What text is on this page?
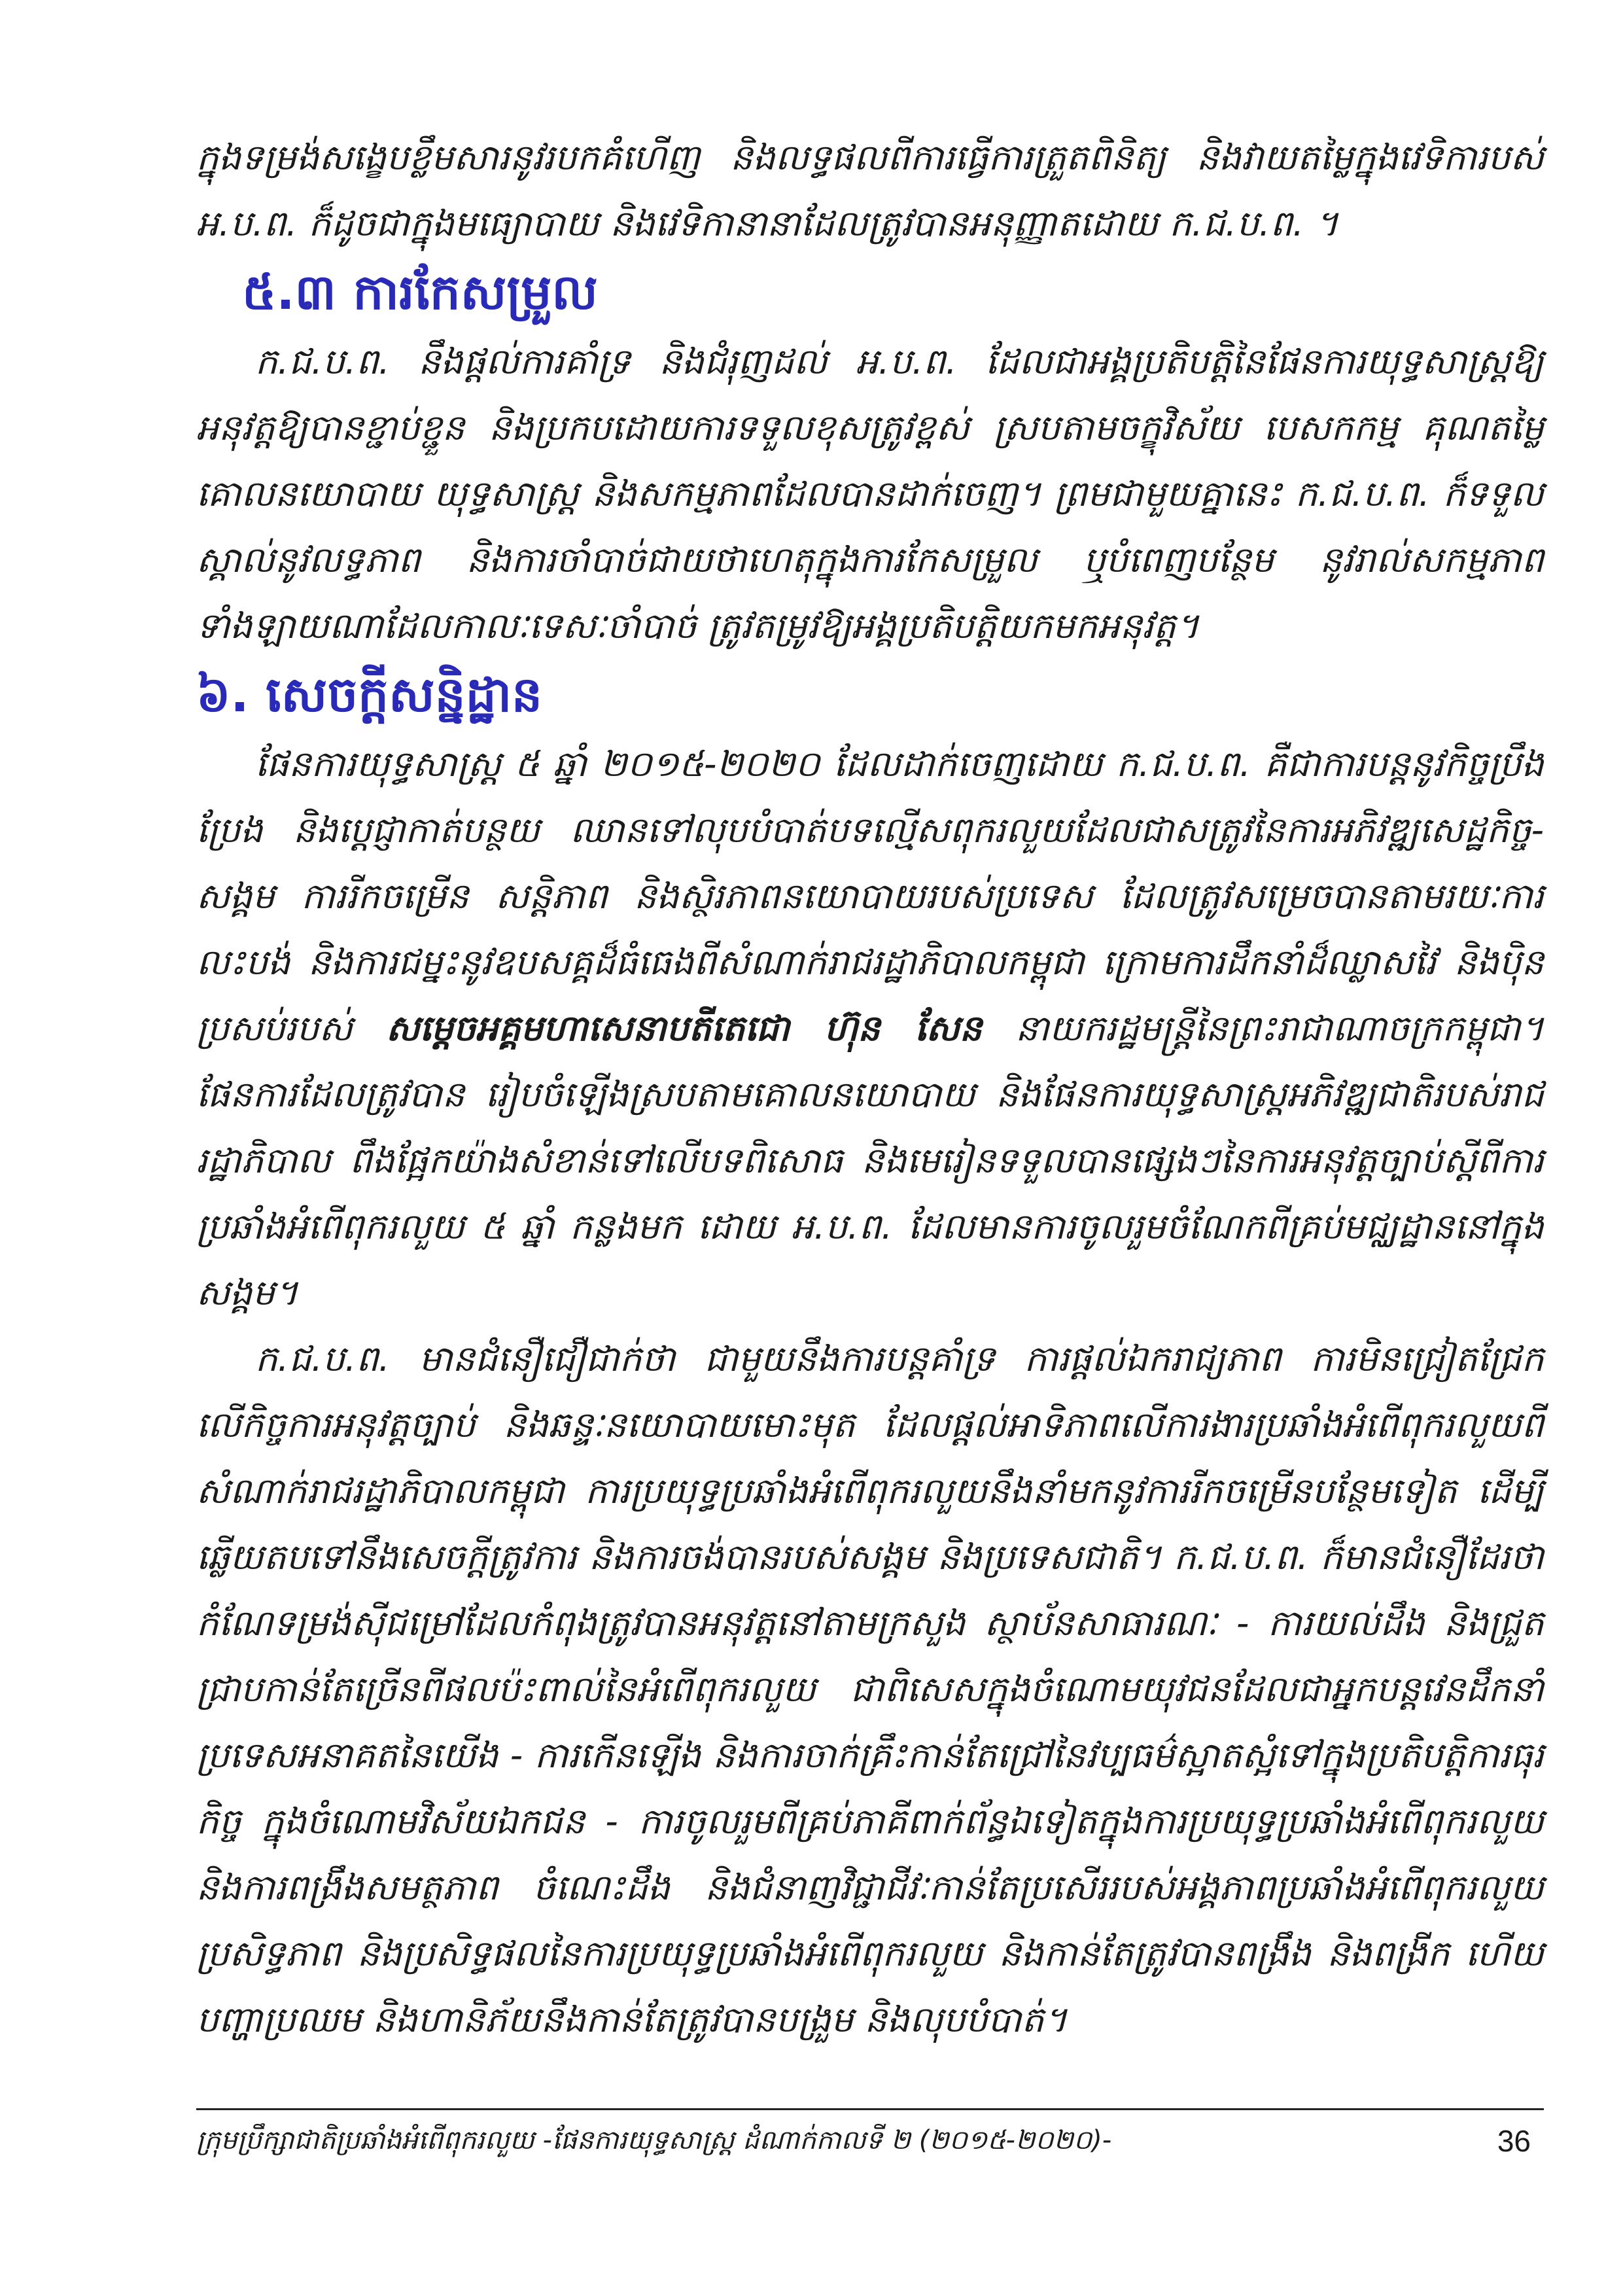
ក្នុងទម្រង់សង្ខេបខ្លឹមសារនូវរបកគំហើញ និងលទ្ធផលពីការធ្វើការត្រួតពិនិត្យ និងវាយតម្លៃក្នុងវេទិការបស់ អ.ប.ព. ក៏ដូចជាក្នុងមធ្យោបាយ និងវេទិកានានាដែលត្រូវបានអនុញ្ញាតដោយ ក.ជ.ប.ព. ។

៥.៣ ការកែសម្រួល

ក.ជ.ប.ព. នឹងផ្តល់ការគាំទ្រ និងជំរុញដល់ អ.ប.ព. ដែលជាអង្គប្រតិបត្តិនៃផែនការយុទ្ធសាស្ត្រឱ្យអនុវត្តឱ្យបានខ្ជាប់ខ្ជួន និងប្រកបដោយការទទួលខុសត្រូវខ្ពស់ ស្របតាមចក្ខុវិស័យ បេសកកម្ម គុណតម្លៃ គោលនយោបាយ យុទ្ធសាស្ត្រ និងសកម្មភាពដែលបានដាក់ចេញ។ ព្រមជាមួយគ្នានេះ ក.ជ.ប.ព. ក៏ទទួលស្គាល់នូវលទ្ធភាព និងការចាំបាច់ជាយថាហេតុក្នុងការកែសម្រួល ឬបំពេញបន្ថែម នូវរាល់សកម្មភាពទាំងឡាយណាដែលកាលៈទេសៈចាំបាច់ ត្រូវតម្រូវឱ្យអង្គប្រតិបត្តិយកមកអនុវត្ត។

៦. សេចក្តីសន្និដ្ឋាន

ផែនការយុទ្ធសាស្ត្រ ៥ ឆ្នាំ ២០១៥-២០២០ ដែលដាក់ចេញដោយ ក.ជ.ប.ព. គឺជាការបន្តនូវកិច្ចប្រឹងប្រែង និងប្តេជ្ញាកាត់បន្ថយ ឈានទៅលុបបំបាត់បទល្មើសពុករលួយដែលជាសត្រូវនៃការអភិវឌ្ឍសេដ្ឋកិច្ច-សង្គម ការរីកចម្រើន សន្តិភាព និងស្ថិរភាពនយោបាយរបស់ប្រទេស ដែលត្រូវសម្រេចបានតាមរយៈការ លះបង់ និងការជម្នះនូវឧបសគ្គដ៏ធំធេងពីសំណាក់រាជរដ្ឋាភិបាលកម្ពុជា ក្រោមការដឹកនាំដ៏ឈ្លាសវៃ និងប៉ិនប្រសប់របស់ សម្តេចអគ្គមហាសេនាបតីតេជោ ហ៊ុន សែន នាយករដ្ឋមន្ត្រីនៃព្រះរាជាណាចក្រកម្ពុជា។ ផែនការដែលត្រូវបាន រៀបចំឡើងស្របតាមគោលនយោបាយ និងផែនការយុទ្ធសាស្ត្រអភិវឌ្ឍជាតិរបស់រាជរដ្ឋាភិបាល ពឹងផ្អែកយ៉ាងសំខាន់ទៅលើបទពិសោធ និងមេរៀនទទួលបានផ្សេងៗនៃការអនុវត្តច្បាប់ស្តីពីការប្រឆាំងអំពើពុករលួយ ៥ ឆ្នាំ កន្លងមក ដោយ អ.ប.ព. ដែលមានការចូលរួមចំណែកពីគ្រប់មជ្ឈដ្ឋាននៅក្នុងសង្គម។

ក.ជ.ប.ព. មានជំនឿជឿជាក់ថា ជាមួយនឹងការបន្តគាំទ្រ ការផ្តល់ឯករាជ្យភាព ការមិនជ្រៀតជ្រែកលើកិច្ចការអនុវត្តច្បាប់ និងឆន្ទៈនយោបាយមោះមុត ដែលផ្តល់អាទិភាពលើការងារប្រឆាំងអំពើពុករលួយពីសំណាក់រាជរដ្ឋាភិបាលកម្ពុជា ការប្រយុទ្ធប្រឆាំងអំពើពុករលួយនឹងនាំមកនូវការរីកចម្រើនបន្ថែមទៀត ដើម្បីឆ្លើយតបទៅនឹងសេចក្តីត្រូវការ និងការចង់បានរបស់សង្គម និងប្រទេសជាតិ។ ក.ជ.ប.ព. ក៏មានជំនឿដែរថា កំណែទម្រង់ស៊ីជម្រៅដែលកំពុងត្រូវបានអនុវត្តនៅតាមក្រសួង ស្ថាប័នសាធារណៈ - ការយល់ដឹង និងជ្រួតជ្រាបកាន់តែច្រើនពីផលប៉ះពាល់នៃអំពើពុករលួយ ជាពិសេសក្នុងចំណោមយុវជនដែលជាអ្នកបន្តវេនដឹកនាំប្រទេសអនាគតនៃយើង - ការកើនឡើង និងការចាក់គ្រឹះកាន់តែជ្រៅនៃវប្បធម៌ស្អាតស្អំទៅក្នុងប្រតិបត្តិការធុរកិច្ច ក្នុងចំណោមវិស័យឯកជន - ការចូលរួមពីគ្រប់ភាគីពាក់ព័ន្ធឯទៀតក្នុងការប្រយុទ្ធប្រឆាំងអំពើពុករលួយ និងការពង្រឹងសមត្ថភាព ចំណេះដឹង និងជំនាញវិជ្ជាជីវៈកាន់តែប្រសើររបស់អង្គភាពប្រឆាំងអំពើពុករលួយ ប្រសិទ្ធភាព និងប្រសិទ្ធផលនៃការប្រយុទ្ធប្រឆាំងអំពើពុករលួយ និងកាន់តែត្រូវបានពង្រឹង និងពង្រីក ហើយបញ្ហាប្រឈម និងហានិភ័យនឹងកាន់តែត្រូវបានបង្រួម និងលុបបំបាត់។

ក្រុមប្រឹក្សាជាតិប្រឆាំងអំពើពុករលួយ -ផែនការយុទ្ធសាស្ត្រ ដំណាក់កាលទី ២ (២០១៥-២០២០)-	36
